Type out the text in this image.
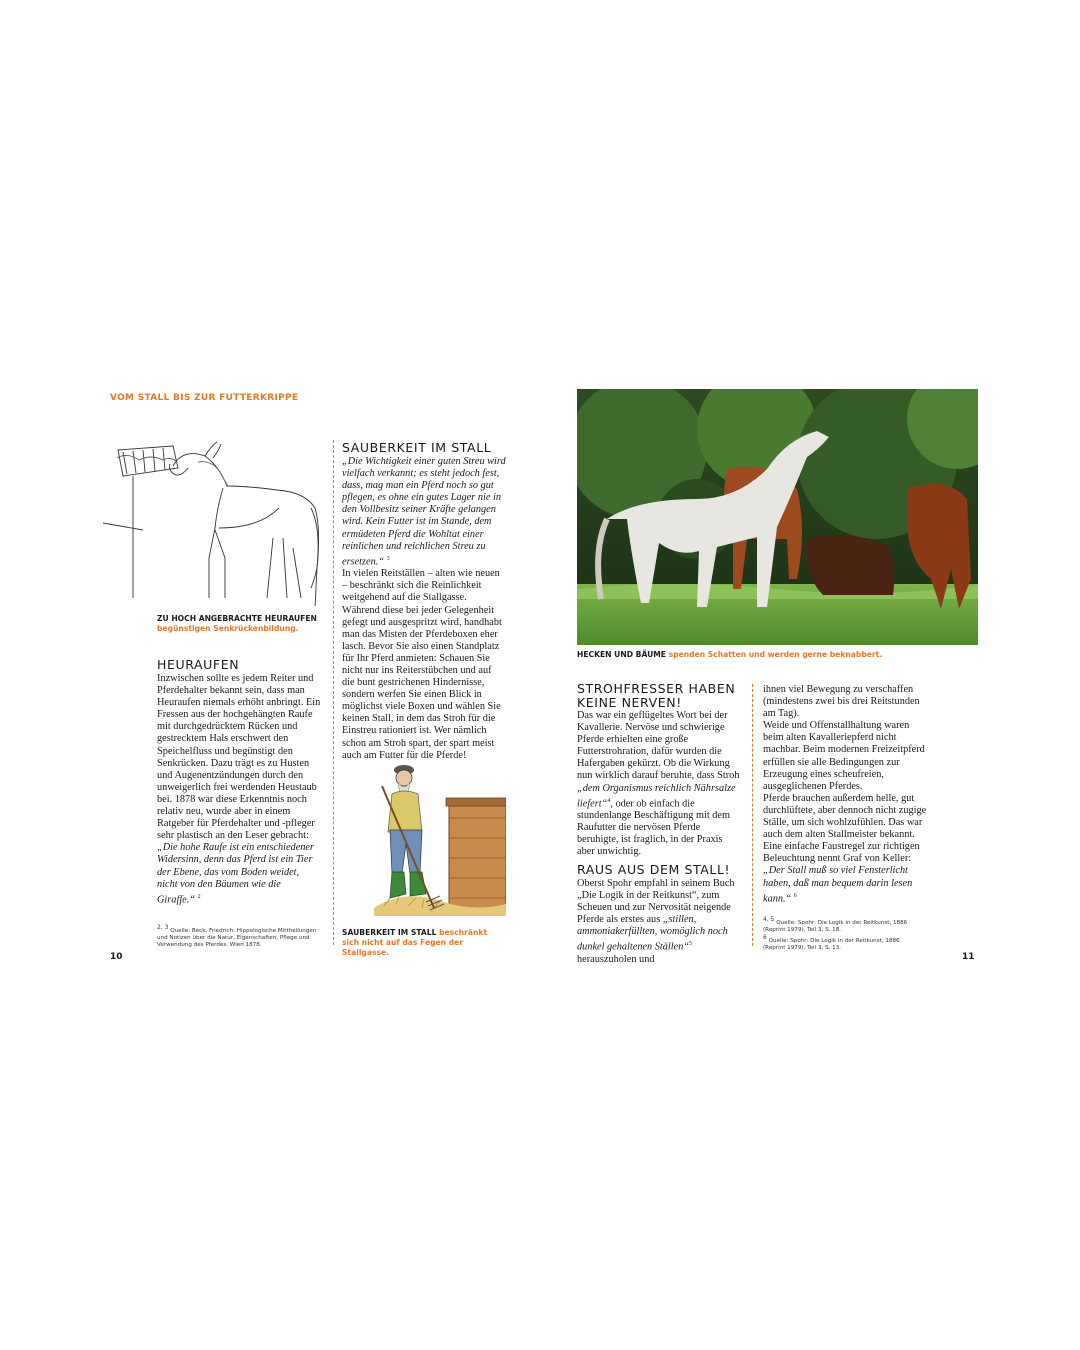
VOM STALL BIS ZUR FUTTERKRIPPE
ZU HOCH ANGEBRACHTE HEURAUFEN
begünstigen Senkrückenbildung.
HEURAUFEN

Inzwischen sollte es jedem Reiter und Pferdehalter bekannt sein, dass man Heuraufen niemals erhöht anbringt. Ein Fressen aus der hochgehängten Raufe mit durchgedrücktem Rücken und gestrecktem Hals erschwert den Speichelfluss und begünstigt den Senkrücken. Dazu trägt es zu Husten und Augenentzündungen durch den unweigerlich frei werdenden Heustaub bei. 1878 war diese Erkenntnis noch relativ neu, wurde aber in einem Ratgeber für Pferdehalter und -pfleger sehr plastisch an den Leser gebracht: „Die hohe Raufe ist ein entschiedener Widersinn, denn das Pferd ist ein Tier der Ebene, das vom Boden weidet, nicht von den Bäumen wie die Giraffe.“ $^2$

2, 3 Quelle: Beck, Friedrich: Hippologische Mittheilungen und Notizen über die Natur, Eigenschaften, Pflege und Verwendung des Pferdes. Wien 1878.
10
SAUBERKEIT IM STALL

„Die Wichtigkeit einer guten Streu wird vielfach verkannt; es steht jedoch fest, dass, mag man ein Pferd noch so gut pflegen, es ohne ein gutes Lager nie in den Vollbesitz seiner Kräfte gelangen wird. Kein Futter ist im Stande, dem ermüdeten Pferd die Wohltat einer reinlichen und reichlichen Streu zu ersetzen.“ $^3$

In vielen Reitställen – alten wie neuen – beschränkt sich die Reinlichkeit weitgehend auf die Stallgasse. Während diese bei jeder Gelegenheit gefegt und ausgespritzt wird, handhabt man das Misten der Pferdeboxen eher lasch. Bevor Sie also einen Standplatz für Ihr Pferd anmieten: Schauen Sie nicht nur ins Reiterstübchen und auf die bunt gestrichenen Hindernisse, sondern werfen Sie einen Blick in möglichst viele Boxen und wählen Sie keinen Stall, in dem das Stroh für die Einstreu rationiert ist. Wer nämlich schon am Stroh spart, der spart meist auch am Futter für die Pferde!

SAUBERKEIT IM STALL beschränkt sich nicht auf das Fegen der Stallgasse.
HECKEN UND BÄUME spenden Schatten und werden gerne beknabbert.
STROHFRESSER HABEN
KEINE NERVEN!

Das war ein geflügeltes Wort bei der Kavallerie. Nervöse und schwierige Pferde erhielten eine große Futterstrohration, dafür wurden die Hafergaben gekürzt. Ob die Wirkung nun wirklich darauf beruhte, dass Stroh „dem Organismus reichlich Nährsalze liefert“$^4$, oder ob einfach die stundenlange Beschäftigung mit dem Raufutter die nervösen Pferde beruhigte, ist fraglich, in der Praxis aber unwichtig.

RAUS AUS DEM STALL!

Oberst Spohr empfahl in seinem Buch „Die Logik in der Reitkunst“, zum Scheuen und zur Nervosität neigende Pferde als erstes aus „stillen, ammoniakerfüllten, womöglich noch dunkel gehaltenen Ställen“$^5$ herauszuholen und

ihnen viel Bewegung zu verschaffen (mindestens zwei bis drei Reitstunden am Tag).

Weide und Offenstallhaltung waren beim alten Kavalleriepferd nicht machbar. Beim modernen Freizeitpferd erfüllen sie alle Bedingungen zur Erzeugung eines scheufreien, ausgeglichenen Pferdes.

Pferde brauchen außerdem helle, gut durchlüftete, aber dennoch nicht zugige Ställe, um sich wohlzufühlen. Das war auch dem alten Stallmeister bekannt. Eine einfache Faustregel zur richtigen Beleuchtung nennt Graf von Keller: „Der Stall muß so viel Fensterlicht haben, daß man bequem darin lesen kann.“ $^6$

4, 5 Quelle: Spohr: Die Logik in der Reitkunst, 1886 (Reprint 1979), Teil 3, S. 18.
6 Quelle: Spohr: Die Logik in der Reitkunst, 1886 (Reprint 1979), Teil 3, S. 13.
11
